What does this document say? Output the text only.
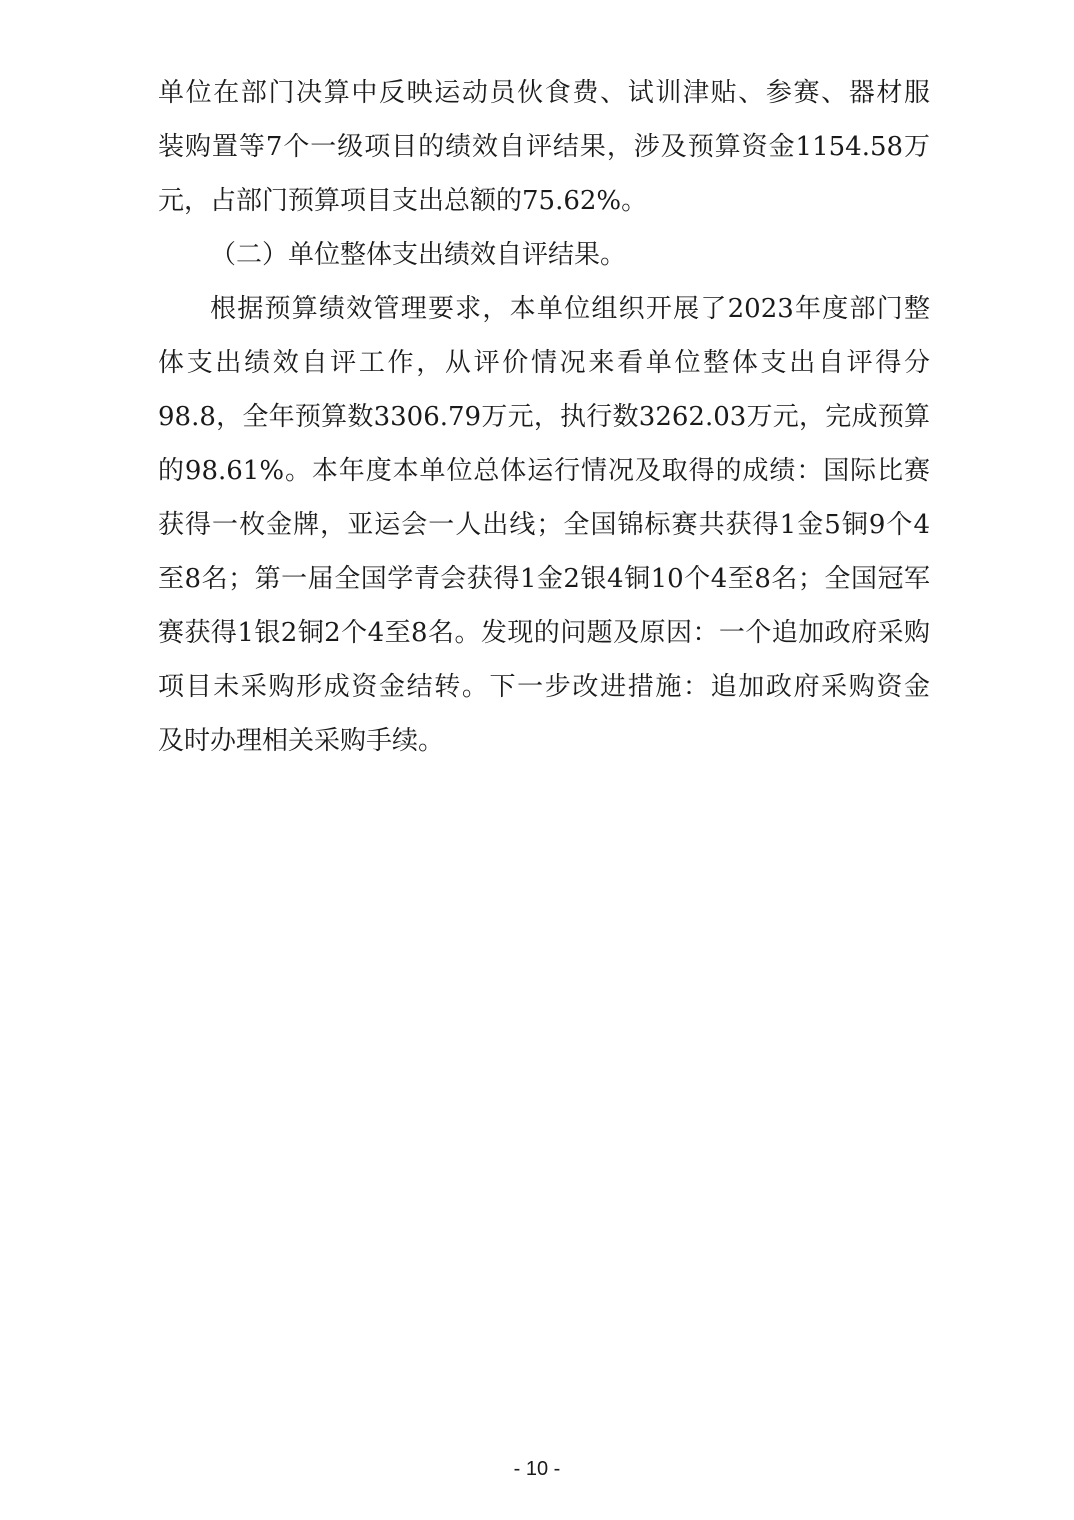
单位在部门决算中反映运动员伙食费、试训津贴、参赛、器材服
装购置等7个一级项目的绩效自评结果，涉及预算资金1154.58万
元，占部门预算项目支出总额的75.62%。
（二）单位整体支出绩效自评结果。
根据预算绩效管理要求，本单位组织开展了2023年度部门整
体支出绩效自评工作，从评价情况来看单位整体支出自评得分
98.8，全年预算数3306.79万元，执行数3262.03万元，完成预算
的98.61%。本年度本单位总体运行情况及取得的成绩：国际比赛
获得一枚金牌，亚运会一人出线；全国锦标赛共获得1金5铜9个4
至8名；第一届全国学青会获得1金2银4铜10个4至8名；全国冠军
赛获得1银2铜2个4至8名。发现的问题及原因：一个追加政府采购
项目未采购形成资金结转。下一步改进措施：追加政府采购资金
及时办理相关采购手续。
- 10 -
